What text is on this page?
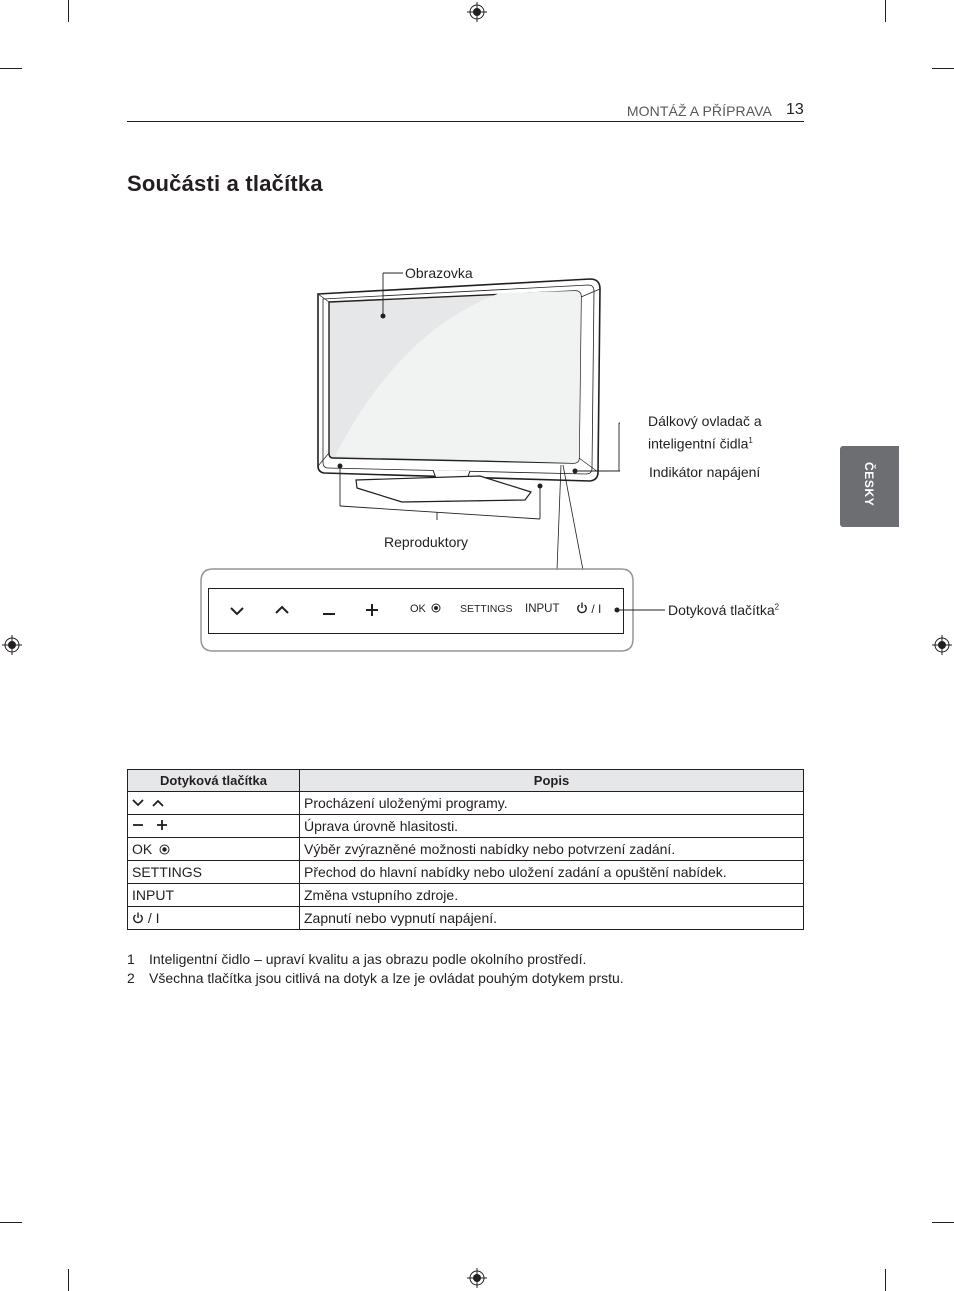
MONTÁŽ A PŘÍPRAVA 13
Součásti a tlačítka
ČESKY
Obrazovka
Dálkový ovladač a
inteligentní čidla$^1$
Indikátor napájení
Reproduktory
OK	SETTINGS INPUT	/ I	Dotyková tlačítka$^2$
Dotyková tlačítka	Popis
	Procházení uloženými programy.
	Úprava úrovně hlasitosti.
OK	Výběr zvýrazněné možnosti nabídky nebo potvrzení zadání.
SETTINGS	Přechod do hlavní nabídky nebo uložení zadání a opuštění nabídek.
INPUT	Změna vstupního zdroje.
/ I	Zapnutí nebo vypnutí napájení.
1	Inteligentní čidlo – upraví kvalitu a jas obrazu podle okolního prostředí.
2	Všechna tlačítka jsou citlivá na dotyk a lze je ovládat pouhým dotykem prstu.
